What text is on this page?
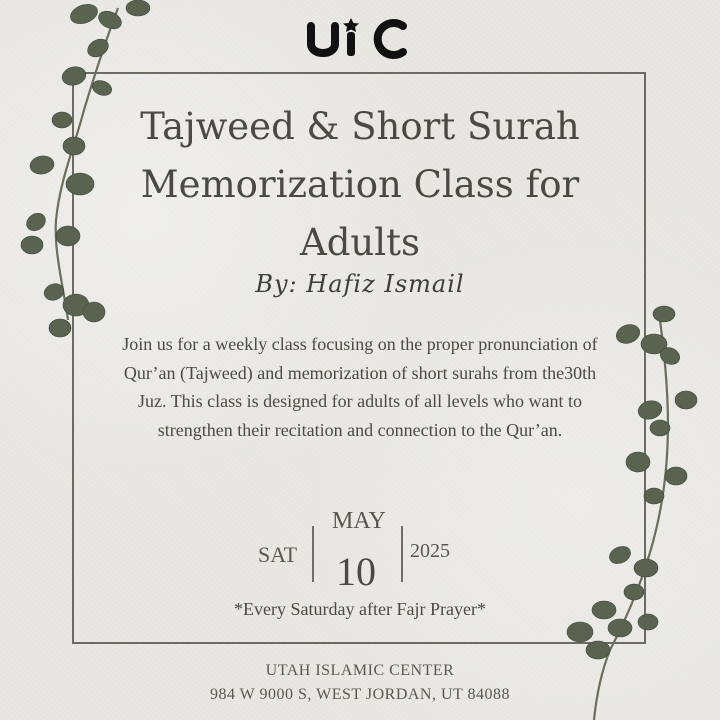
Tajweed & Short Surah Memorization Class for Adults
By: Hafiz Ismail
Join us for a weekly class focusing on the proper pronunciation of Qur’an (Tajweed) and memorization of short surahs from the30th Juz. This class is designed for adults of all levels who want to strengthen their recitation and connection to the Qur’an.
SAT
MAY
10 2025
*Every Saturday after Fajr Prayer*
UTAH ISLAMIC CENTER
984 W 9000 S, WEST JORDAN, UT 84088
